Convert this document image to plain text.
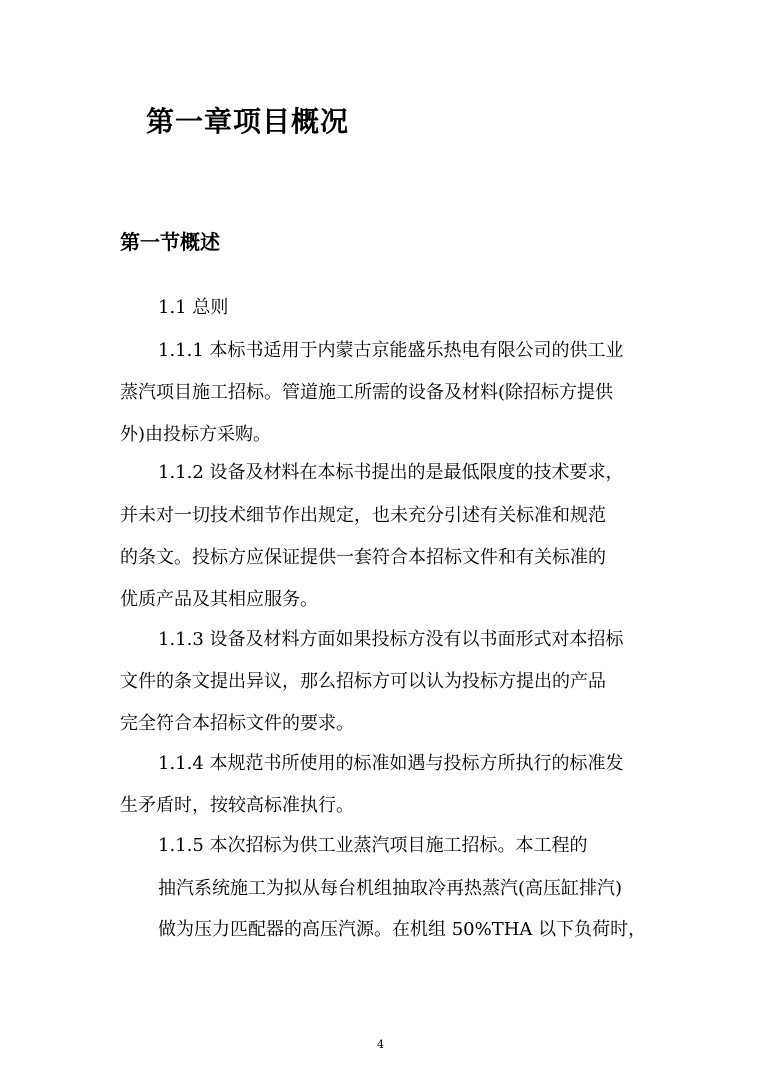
第一章项目概况
第一节概述

1.1 总则

1.1.1 本标书适用于内蒙古京能盛乐热电有限公司的供工业

蒸汽项目施工招标。管道施工所需的设备及材料(除招标方提供

外)由投标方采购。

1.1.2 设备及材料在本标书提出的是最低限度的技术要求，

并未对一切技术细节作出规定，也未充分引述有关标准和规范

的条文。投标方应保证提供一套符合本招标文件和有关标准的

优质产品及其相应服务。

1.1.3 设备及材料方面如果投标方没有以书面形式对本招标

文件的条文提出异议，那么招标方可以认为投标方提出的产品

完全符合本招标文件的要求。

1.1.4 本规范书所使用的标准如遇与投标方所执行的标准发

生矛盾时，按较高标准执行。

1.1.5 本次招标为供工业蒸汽项目施工招标。本工程的

抽汽系统施工为拟从每台机组抽取冷再热蒸汽(高压缸排汽)

做为压力匹配器的高压汽源。在机组 50%THA 以下负荷时，

4
